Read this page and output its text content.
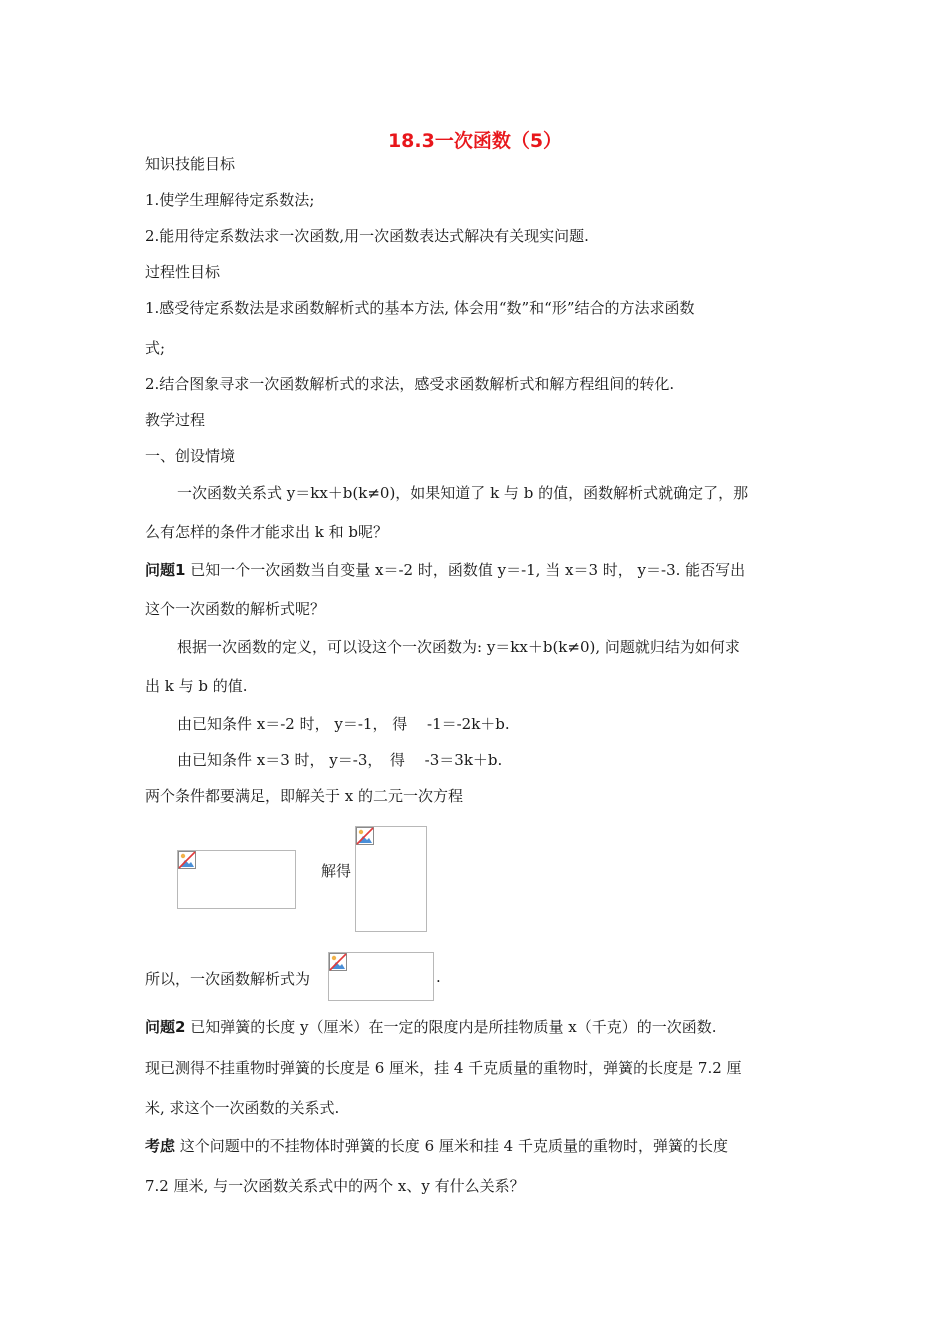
18.3一次函数（5）
知识技能目标
1.使学生理解待定系数法;
2.能用待定系数法求一次函数,用一次函数表达式解决有关现实问题.
过程性目标
1.感受待定系数法是求函数解析式的基本方法, 体会用“数”和“形”结合的方法求函数
式;
2.结合图象寻求一次函数解析式的求法，感受求函数解析式和解方程组间的转化.
教学过程
一、创设情境
一次函数关系式 y＝kx＋b(k≠0)，如果知道了 k 与 b 的值，函数解析式就确定了，那
么有怎样的条件才能求出 k 和 b呢？
问题1 已知一个一次函数当自变量 x＝-2 时，函数值 y＝-1, 当 x＝3 时， y＝-3. 能否写出
这个一次函数的解析式呢？
根据一次函数的定义，可以设这个一次函数为: y＝kx＋b(k≠0), 问题就归结为如何求
出 k 与 b 的值.
由已知条件 x＝-2 时， y＝-1， 得　 -1＝-2k＋b.
由已知条件 x＝3 时， y＝-3，　得　 -3＝3k＋b.
两个条件都要满足，即解关于 x 的二元一次方程
解得
所以，一次函数解析式为	.
问题2 已知弹簧的长度 y（厘米）在一定的限度内是所挂物质量 x（千克）的一次函数.
现已测得不挂重物时弹簧的长度是 6 厘米，挂 4 千克质量的重物时，弹簧的长度是 7.2 厘
米, 求这个一次函数的关系式.
考虑 这个问题中的不挂物体时弹簧的长度 6 厘米和挂 4 千克质量的重物时，弹簧的长度
7.2 厘米, 与一次函数关系式中的两个 x、y 有什么关系？
